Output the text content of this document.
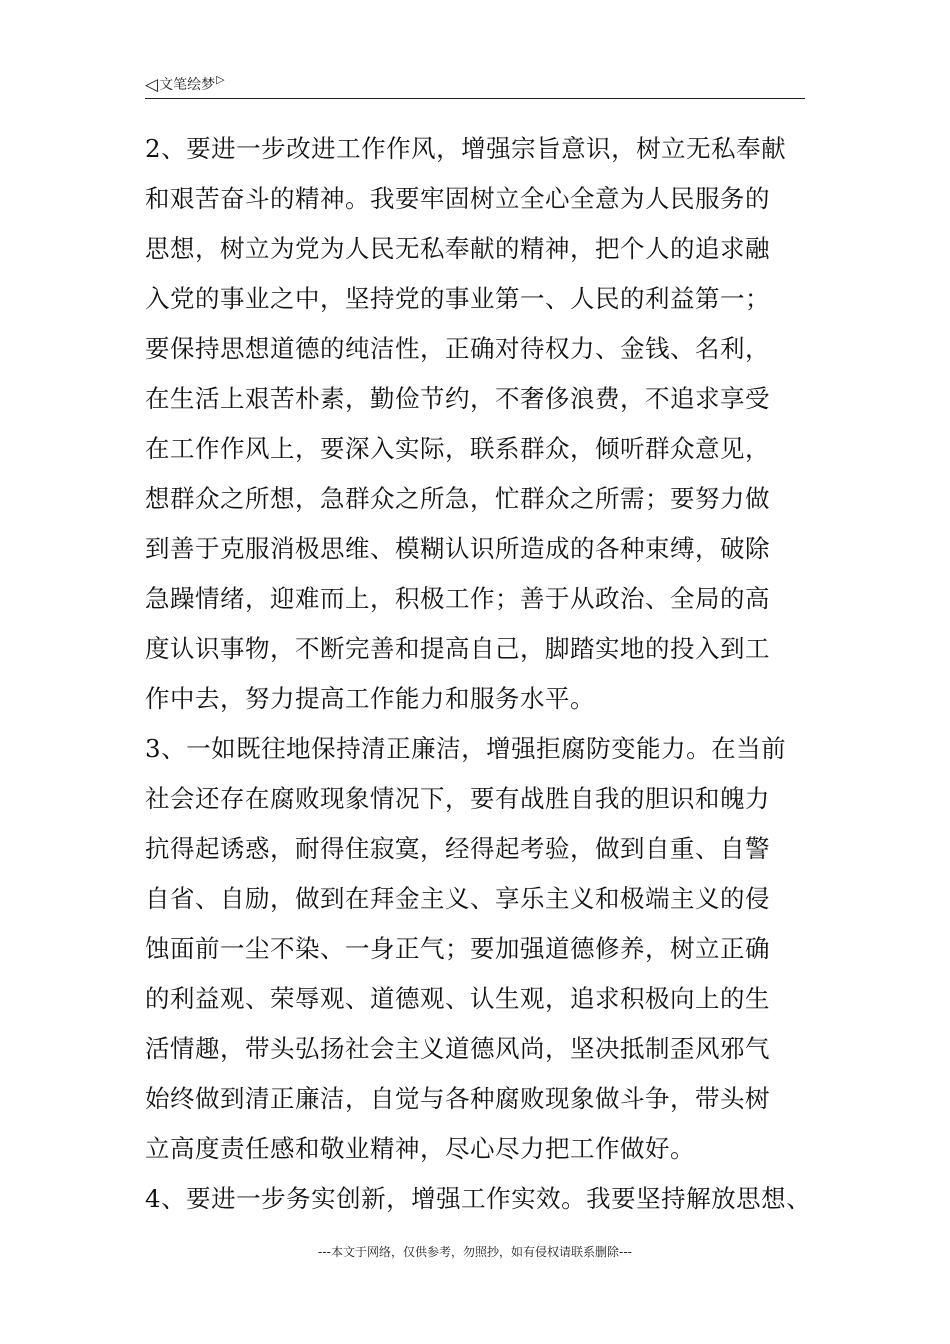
◁ 文笔绘梦 ▷
2、要进一步改进工作作风，增强宗旨意识，树立无私奉献
和艰苦奋斗的精神。我要牢固树立全心全意为人民服务的
思想，树立为党为人民无私奉献的精神，把个人的追求融
入党的事业之中，坚持党的事业第一、人民的利益第一；
要保持思想道德的纯洁性，正确对待权力、金钱、名利，
在生活上艰苦朴素，勤俭节约，不奢侈浪费，不追求享受
在工作作风上，要深入实际，联系群众，倾听群众意见，
想群众之所想，急群众之所急，忙群众之所需；要努力做
到善于克服消极思维、模糊认识所造成的各种束缚，破除
急躁情绪，迎难而上，积极工作；善于从政治、全局的高
度认识事物，不断完善和提高自己，脚踏实地的投入到工
作中去，努力提高工作能力和服务水平。
3、一如既往地保持清正廉洁，增强拒腐防变能力。在当前
社会还存在腐败现象情况下，要有战胜自我的胆识和魄力
抗得起诱惑，耐得住寂寞，经得起考验，做到自重、自警
自省、自励，做到在拜金主义、享乐主义和极端主义的侵
蚀面前一尘不染、一身正气；要加强道德修养，树立正确
的利益观、荣辱观、道德观、认生观，追求积极向上的生
活情趣，带头弘扬社会主义道德风尚，坚决抵制歪风邪气
始终做到清正廉洁，自觉与各种腐败现象做斗争，带头树
立高度责任感和敬业精神，尽心尽力把工作做好。
4、要进一步务实创新，增强工作实效。我要坚持解放思想、
---本文于网络，仅供参考，勿照抄，如有侵权请联系删除---
